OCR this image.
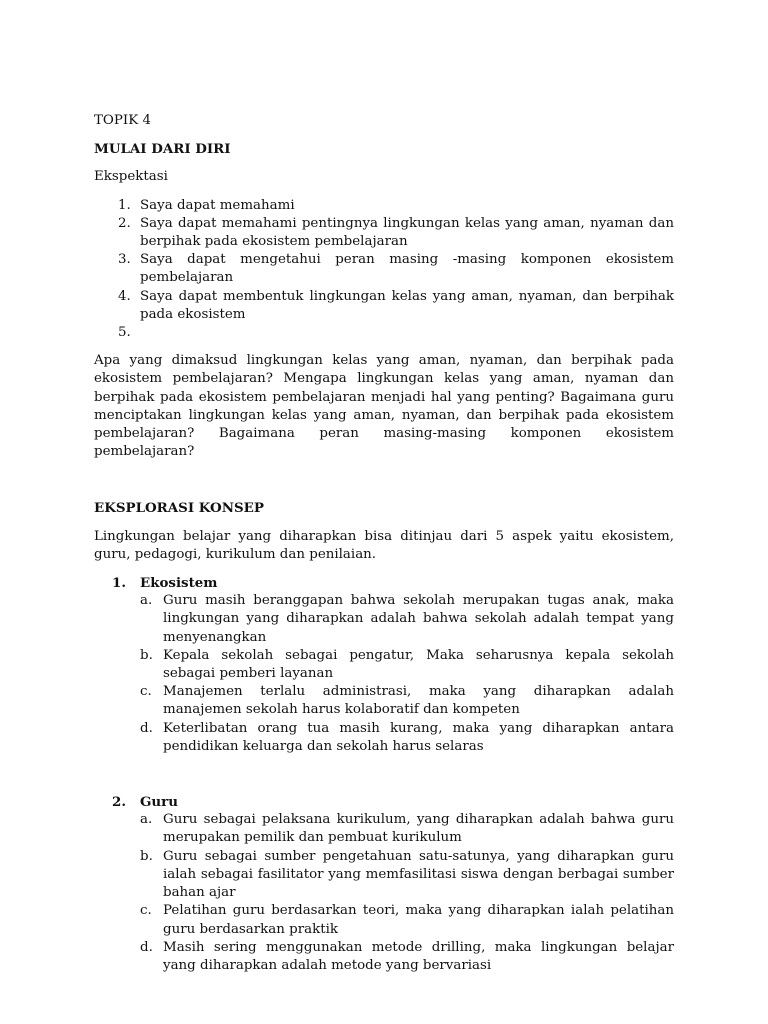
TOPIK 4

MULAI DARI DIRI

Ekspektasi

1. Saya dapat memahami
2. Saya dapat memahami pentingnya lingkungan kelas yang aman, nyaman dan berpihak pada ekosistem pembelajaran
3. Saya dapat mengetahui peran masing -masing komponen ekosistem pembelajaran
4. Saya dapat membentuk lingkungan kelas yang aman, nyaman, dan berpihak pada ekosistem
5.

Apa yang dimaksud lingkungan kelas yang aman, nyaman, dan berpihak pada ekosistem pembelajaran? Mengapa lingkungan kelas yang aman, nyaman dan berpihak pada ekosistem pembelajaran menjadi hal yang penting? Bagaimana guru menciptakan lingkungan kelas yang aman, nyaman, dan berpihak pada ekosistem pembelajaran? Bagaimana peran masing-masing komponen ekosistem pembelajaran?

EKSPLORASI KONSEP

Lingkungan belajar yang diharapkan bisa ditinjau dari 5 aspek yaitu ekosistem, guru, pedagogi, kurikulum dan penilaian.

1. Ekosistem
a. Guru masih beranggapan bahwa sekolah merupakan tugas anak, maka lingkungan yang diharapkan adalah bahwa sekolah adalah tempat yang menyenangkan
b. Kepala sekolah sebagai pengatur, Maka seharusnya kepala sekolah sebagai pemberi layanan
c. Manajemen terlalu administrasi, maka yang diharapkan adalah manajemen sekolah harus kolaboratif dan kompeten
d. Keterlibatan orang tua masih kurang, maka yang diharapkan antara pendidikan keluarga dan sekolah harus selaras
2. Guru
a. Guru sebagai pelaksana kurikulum, yang diharapkan adalah bahwa guru merupakan pemilik dan pembuat kurikulum
b. Guru sebagai sumber pengetahuan satu-satunya, yang diharapkan guru ialah sebagai fasilitator yang memfasilitasi siswa dengan berbagai sumber bahan ajar
c. Pelatihan guru berdasarkan teori, maka yang diharapkan ialah pelatihan guru berdasarkan praktik
d. Masih sering menggunakan metode drilling, maka lingkungan belajar yang diharapkan adalah metode yang bervariasi
